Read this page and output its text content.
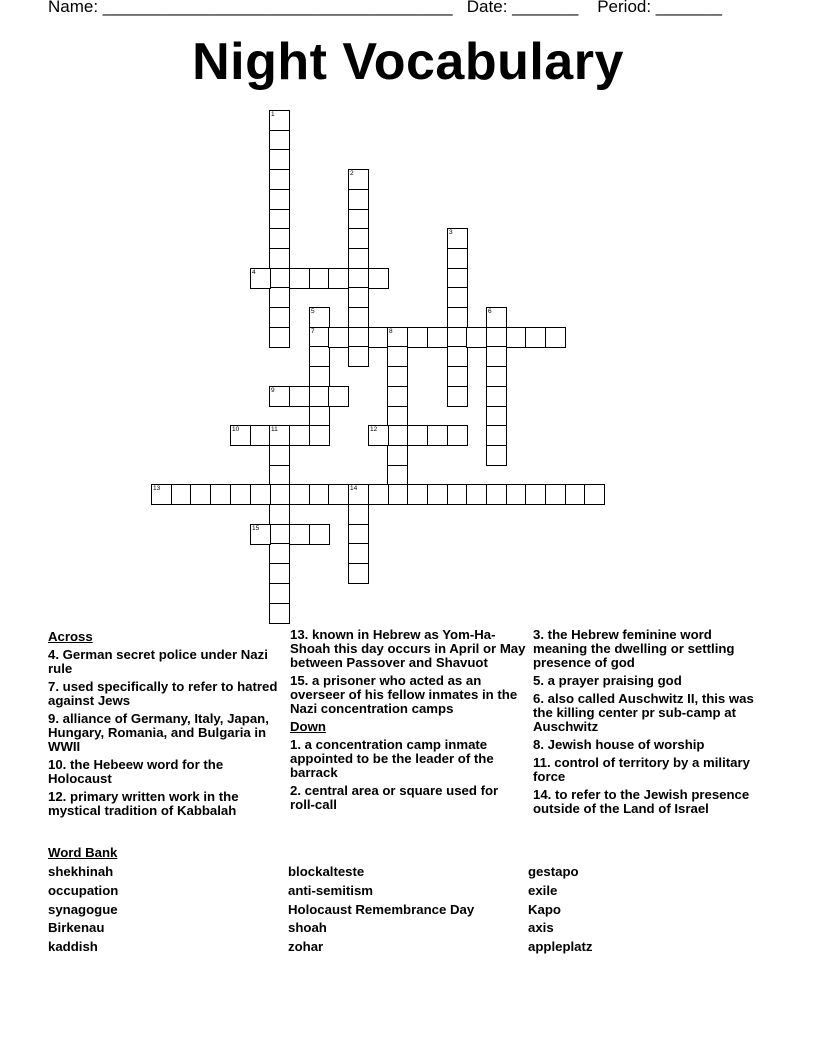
Name: _____________________________________   Date: _______    Period: _______
Night Vocabulary
1
2
3
4
5
7
6
8
9
10	11	12
13	14
15
Across
4. German secret police under Nazi rule
7. used specifically to refer to hatred against Jews
9. alliance of Germany, Italy, Japan, Hungary, Romania, and Bulgaria in WWII
10. the Hebeew word for the Holocaust
12. primary written work in the mystical tradition of Kabbalah
13. known in Hebrew as Yom-Ha-Shoah this day occurs in April or May between Passover and Shavuot
15. a prisoner who acted as an overseer of his fellow inmates in the Nazi concentration camps
Down
1. a concentration camp inmate appointed to be the leader of the barrack
2. central area or square used for roll-call
3. the Hebrew feminine word meaning the dwelling or settling presence of god
5. a prayer praising god
6. also called Auschwitz II, this was the killing center pr sub-camp at Auschwitz
8. Jewish house of worship
11. control of territory by a military force
14. to refer to the Jewish presence outside of the Land of Israel
Word Bank
shekhinah
occupation
synagogue
Birkenau
kaddish
blockalteste
anti-semitism
Holocaust Remembrance Day
shoah
zohar
gestapo
exile
Kapo
axis
appleplatz
